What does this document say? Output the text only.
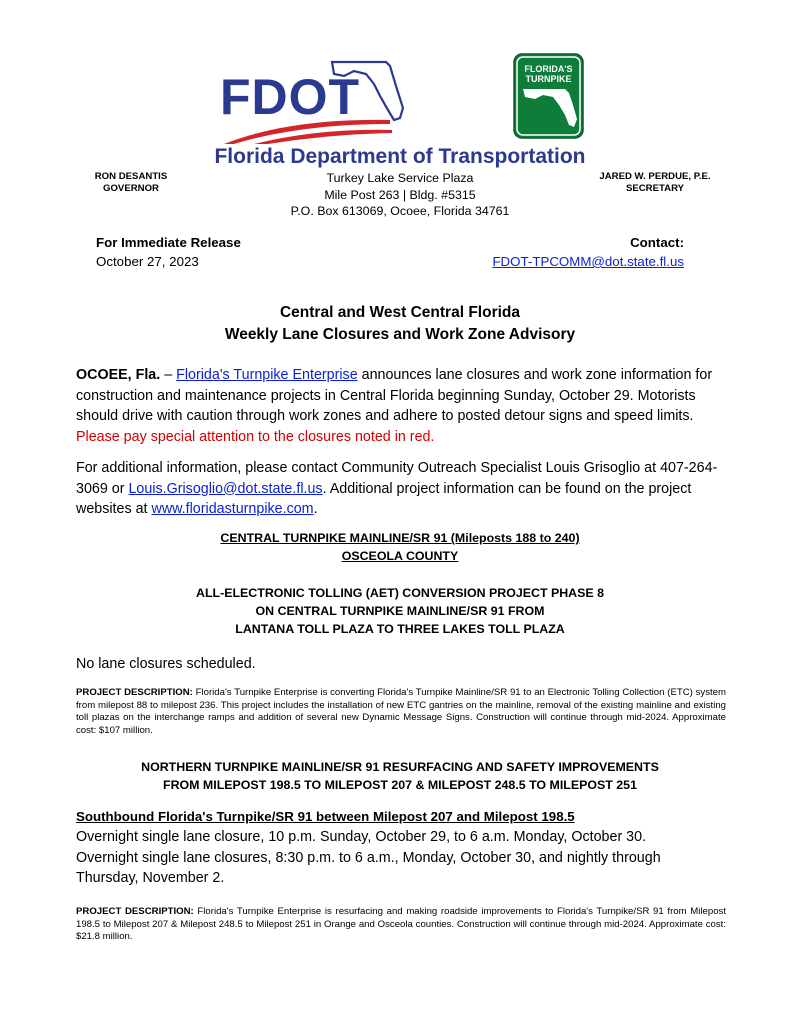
FDOT	FLORIDA'S
TURNPIKE
Florida Department of Transportation
RON DESANTIS
GOVERNOR
JARED W. PERDUE, P.E.
SECRETARY
Turkey Lake Service Plaza
Mile Post 263 | Bldg. #5315
P.O. Box 613069, Ocoee, Florida 34761
For Immediate Release
October 27, 2023
Contact:
FDOT-TPCOMM@dot.state.fl.us
Central and West Central Florida
Weekly Lane Closures and Work Zone Advisory
OCOEE, Fla. – Florida's Turnpike Enterprise announces lane closures and work zone information for construction and maintenance projects in Central Florida beginning Sunday, October 29. Motorists should drive with caution through work zones and adhere to posted detour signs and speed limits.
Please pay special attention to the closures noted in red.
For additional information, please contact Community Outreach Specialist Louis Grisoglio at 407-264-3069 or Louis.Grisoglio@dot.state.fl.us. Additional project information can be found on the project websites at www.floridasturnpike.com.
CENTRAL TURNPIKE MAINLINE/SR 91 (Mileposts 188 to 240)
OSCEOLA COUNTY
ALL-ELECTRONIC TOLLING (AET) CONVERSION PROJECT PHASE 8
ON CENTRAL TURNPIKE MAINLINE/SR 91 FROM
LANTANA TOLL PLAZA TO THREE LAKES TOLL PLAZA
No lane closures scheduled.
PROJECT DESCRIPTION: Florida's Turnpike Enterprise is converting Florida's Turnpike Mainline/SR 91 to an Electronic Tolling Collection (ETC) system from milepost 88 to milepost 236. This project includes the installation of new ETC gantries on the mainline, removal of the existing mainline and existing toll plazas on the interchange ramps and addition of several new Dynamic Message Signs. Construction will continue through mid-2024. Approximate cost: $107 million.
NORTHERN TURNPIKE MAINLINE/SR 91 RESURFACING AND SAFETY IMPROVEMENTS
FROM MILEPOST 198.5 TO MILEPOST 207 & MILEPOST 248.5 TO MILEPOST 251
Southbound Florida's Turnpike/SR 91 between Milepost 207 and Milepost 198.5
Overnight single lane closure, 10 p.m. Sunday, October 29, to 6 a.m. Monday, October 30.
Overnight single lane closures, 8:30 p.m. to 6 a.m., Monday, October 30, and nightly through Thursday, November 2.
PROJECT DESCRIPTION: Florida's Turnpike Enterprise is resurfacing and making roadside improvements to Florida's Turnpike/SR 91 from Milepost 198.5 to Milepost 207 & Milepost 248.5 to Milepost 251 in Orange and Osceola counties. Construction will continue through mid-2024. Approximate cost: $21.8 million.
